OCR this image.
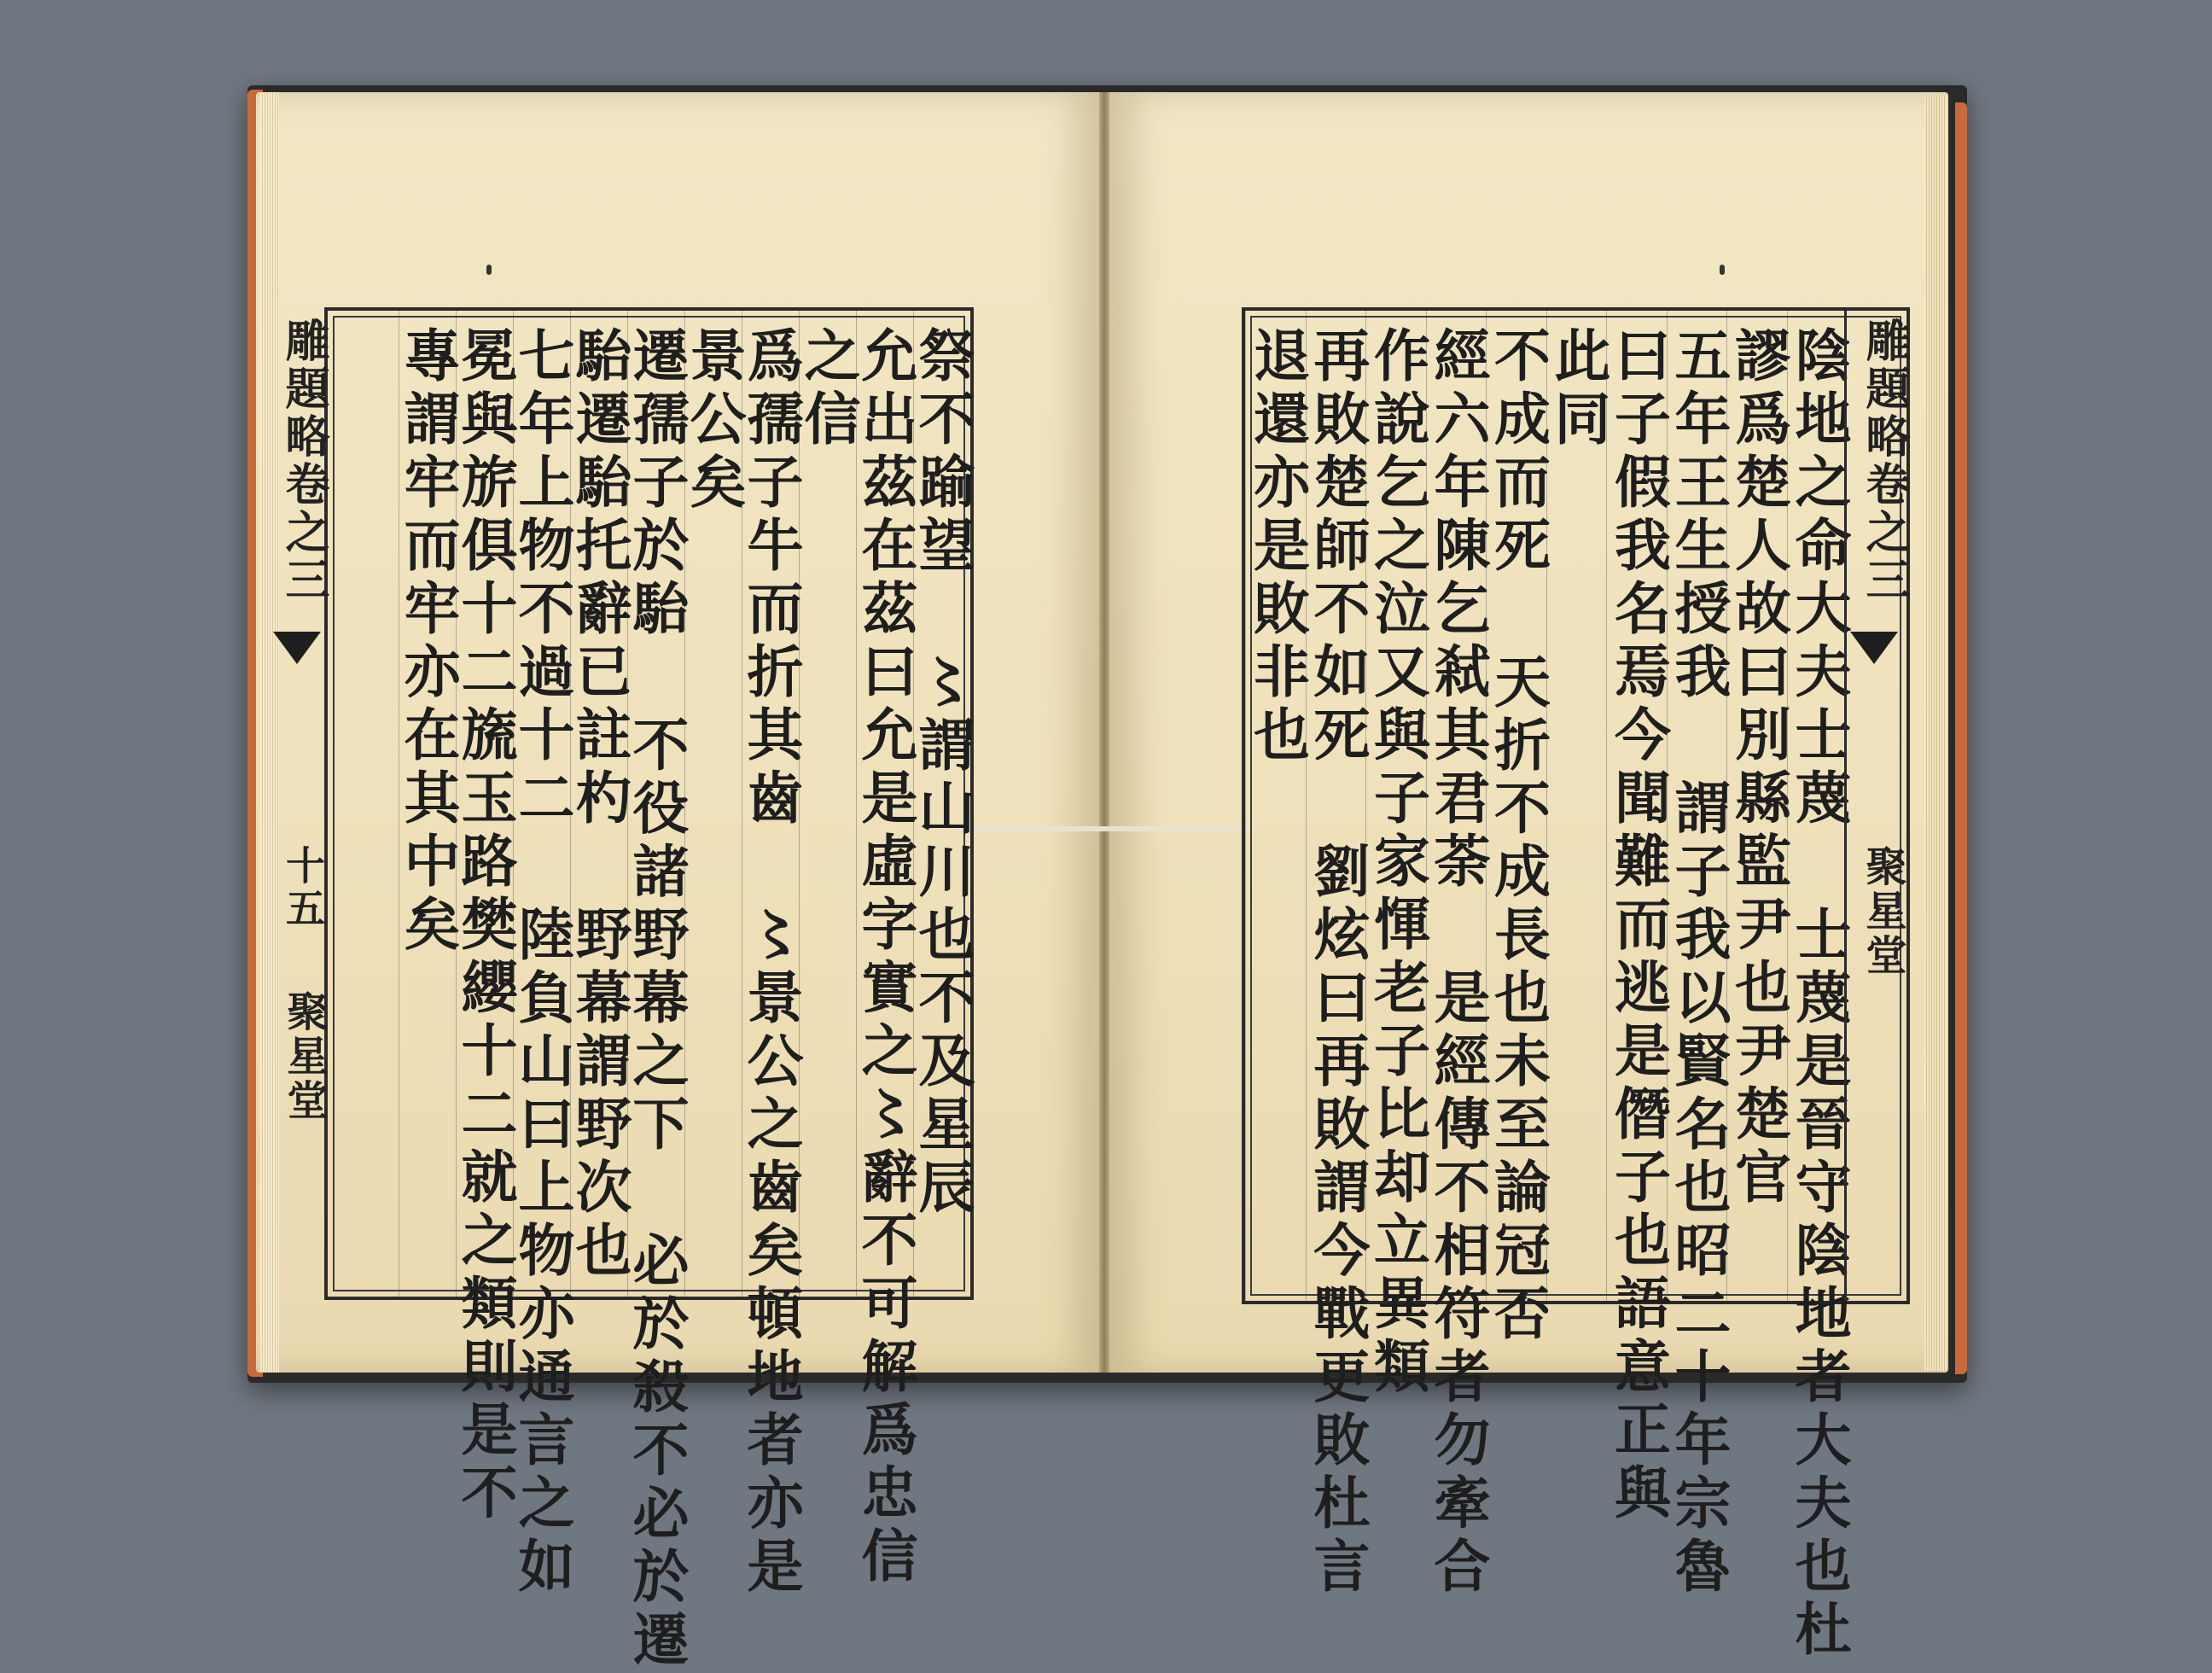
祭不踰望 〻謂山川也不及星辰
允出茲在茲曰允是虛字實之〻辭不可解爲忠信
之信
爲孺子牛而折其齒 〻景公之齒矣頓地者亦是
景公矣
遷孺子於駘 不役諸野幕之下 必於殺不必於遷
駘遷駘托辭已註杓 野幕謂野次也
七年上物不過十二 陸負山曰上物亦通言之如
冕與旂俱十二旒玉路樊纓十二就之類則是不
專謂牢而牢亦在其中矣
雕題略卷之三
十五
聚星堂	陰地之命大夫士蔑 士蔑是晉守陰地者大夫也杜
謬爲楚人故曰別縣監尹也尹楚官
五年王生授我 謂子我以賢名也昭二十年宗魯
曰子假我名焉今聞難而逃是僭子也語意正與
此同
不成而死 天折不成長也未至論冠否
經六年陳乞弒其君荼 是經傳不相符者勿牽合
作說乞之泣又與子家惲老子比却立異類
再敗楚師不如死 劉炫曰再敗謂今戰更敗杜言
退還亦是敗非也	雕題略卷之三
聚星堂
